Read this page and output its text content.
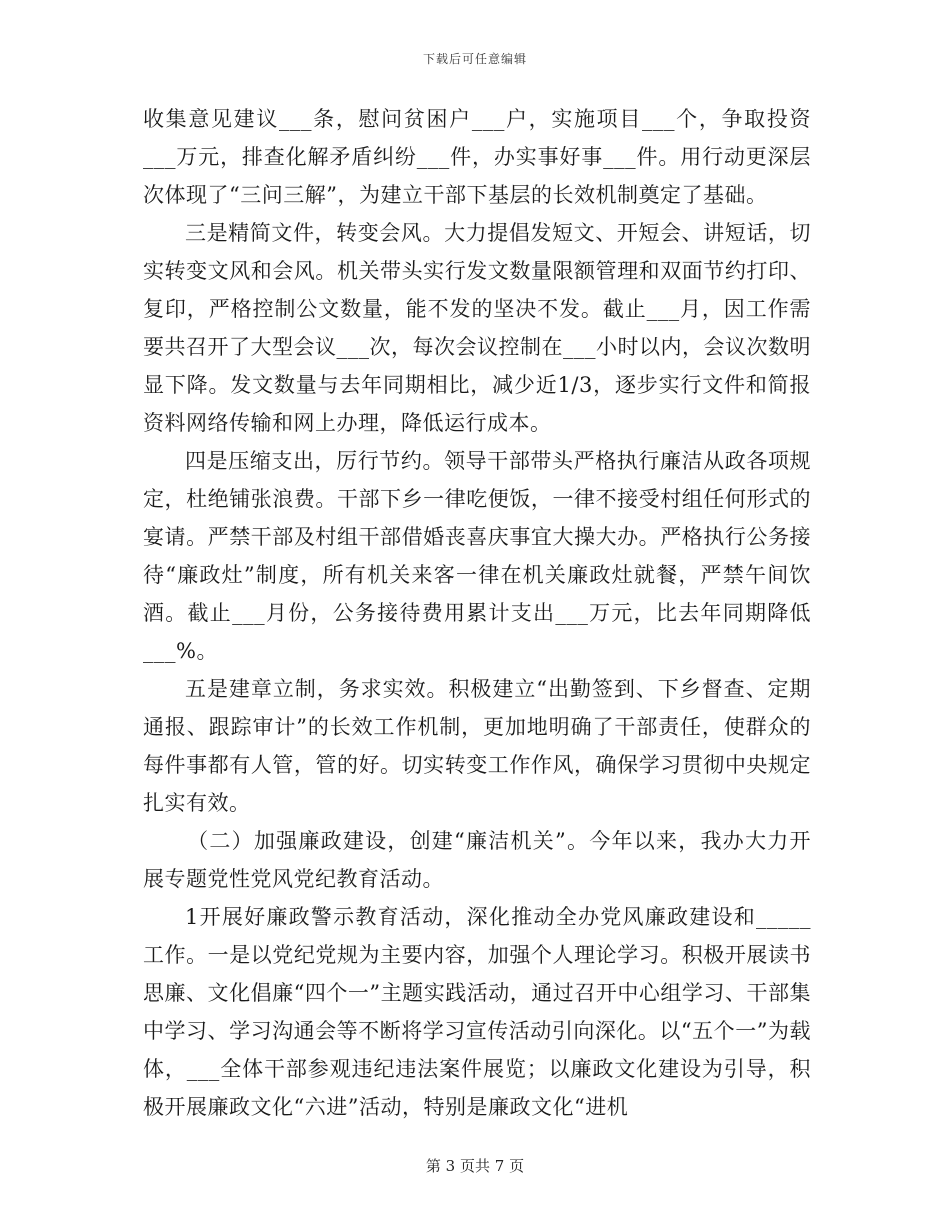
下载后可任意编辑

收集意见建议___条，慰问贫困户___户，实施项目___个，争取投资___万元，排查化解矛盾纠纷___件，办实事好事___件。用行动更深层次体现了“三问三解”，为建立干部下基层的长效机制奠定了基础。

三是精简文件，转变会风。大力提倡发短文、开短会、讲短话，切实转变文风和会风。机关带头实行发文数量限额管理和双面节约打印、复印，严格控制公文数量，能不发的坚决不发。截止___月，因工作需要共召开了大型会议___次，每次会议控制在___小时以内，会议次数明显下降。发文数量与去年同期相比，减少近1/3，逐步实行文件和简报资料网络传输和网上办理，降低运行成本。

四是压缩支出，厉行节约。领导干部带头严格执行廉洁从政各项规定，杜绝铺张浪费。干部下乡一律吃便饭，一律不接受村组任何形式的宴请。严禁干部及村组干部借婚丧喜庆事宜大操大办。严格执行公务接待“廉政灶”制度，所有机关来客一律在机关廉政灶就餐，严禁午间饮酒。截止___月份，公务接待费用累计支出___万元，比去年同期降低___%。

五是建章立制，务求实效。积极建立“出勤签到、下乡督查、定期通报、跟踪审计”的长效工作机制，更加地明确了干部责任，使群众的每件事都有人管，管的好。切实转变工作作风，确保学习贯彻中央规定扎实有效。

（二）加强廉政建设，创建“廉洁机关”。今年以来，我办大力开展专题党性党风党纪教育活动。

1开展好廉政警示教育活动，深化推动全办党风廉政建设和_____工作。一是以党纪党规为主要内容，加强个人理论学习。积极开展读书思廉、文化倡廉“四个一”主题实践活动，通过召开中心组学习、干部集中学习、学习沟通会等不断将学习宣传活动引向深化。以“五个一”为载体，___全体干部参观违纪违法案件展览；以廉政文化建设为引导，积极开展廉政文化“六进”活动，特别是廉政文化“进机

第 3 页共 7 页
